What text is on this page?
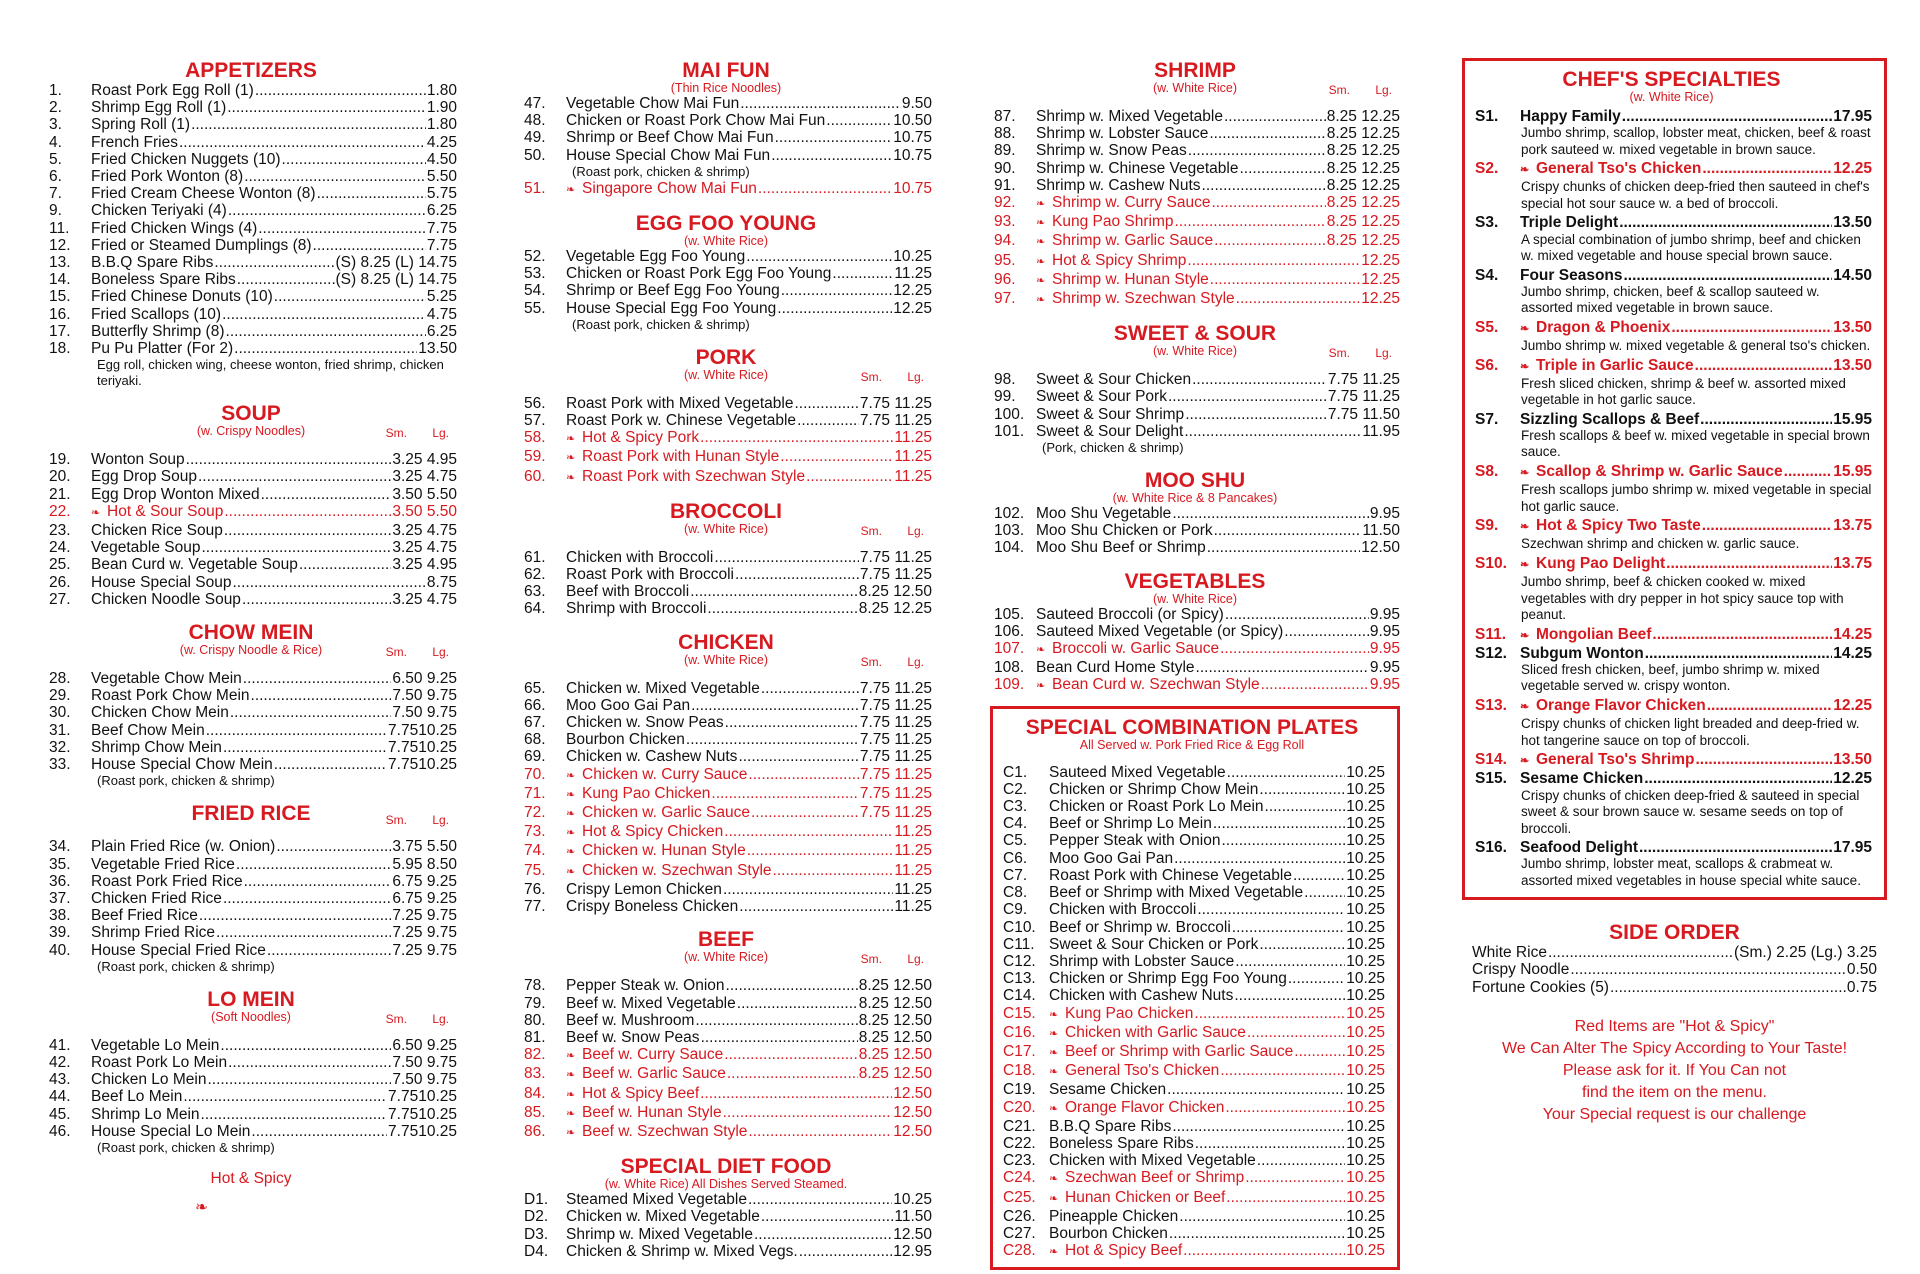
APPETIZERS
1.	Roast Pork Egg Roll (1) .....	1.80
2.	Shrimp Egg Roll (1) .....	1.90
3.	Spring Roll (1) .....	1.80
4.	French Fries .....	4.25
5.	Fried Chicken Nuggets (10) .....	4.50
6.	Fried Pork Wonton (8) .....	5.50
7.	Fried Cream Cheese Wonton (8) .....	5.75
9.	Chicken Teriyaki (4) .....	6.25
11.	Fried Chicken Wings (4) .....	7.75
12.	Fried or Steamed Dumplings (8) .....	7.75
13.	B.B.Q Spare Ribs .....	(S) 8.25 (L) 14.75
14.	Boneless Spare Ribs .....	(S) 8.25 (L) 14.75
15.	Fried Chinese Donuts (10) .....	5.25
16.	Fried Scallops (10) .....	4.75
17.	Butterfly Shrimp (8) .....	6.25
18.	Pu Pu Platter (For 2) .....	13.50
Egg roll, chicken wing, cheese wonton, fried shrimp, chicken teriyaki.
SOUP
(w. Crispy Noodles)	Sm. Lg.
19.	Wonton Soup .....	3.25 4.95
20.	Egg Drop Soup .....	3.25 4.75
21.	Egg Drop Wonton Mixed .....	3.50 5.50
22.	❧ Hot & Sour Soup .....	3.50 5.50
23.	Chicken Rice Soup .....	3.25 4.75
24.	Vegetable Soup .....	3.25 4.75
25.	Bean Curd w. Vegetable Soup .....	3.25 4.95
26.	House Special Soup .....	8.75
27.	Chicken Noodle Soup .....	3.25 4.75
CHOW MEIN
(w. Crispy Noodle & Rice)	Sm. Lg.
28.	Vegetable Chow Mein .....	6.50 9.25
29.	Roast Pork Chow Mein .....	7.50 9.75
30.	Chicken Chow Mein .....	7.50 9.75
31.	Beef Chow Mein .....	7.7510.25
32.	Shrimp Chow Mein .....	7.7510.25
33.	House Special Chow Mein .....	7.7510.25
(Roast pork, chicken & shrimp)
FRIED RICE	Sm. Lg.
34.	Plain Fried Rice (w. Onion) .....	3.75 5.50
35.	Vegetable Fried Rice .....	5.95 8.50
36.	Roast Pork Fried Rice .....	6.75 9.25
37.	Chicken Fried Rice .....	6.75 9.25
38.	Beef Fried Rice .....	7.25 9.75
39.	Shrimp Fried Rice .....	7.25 9.75
40.	House Special Fried Rice .....	7.25 9.75
(Roast pork, chicken & shrimp)
LO MEIN
(Soft Noodles)	Sm. Lg.
41.	Vegetable Lo Mein .....	6.50 9.25
42.	Roast Pork Lo Mein .....	7.50 9.75
43.	Chicken Lo Mein .....	7.50 9.75
44.	Beef Lo Mein .....	7.7510.25
45.	Shrimp Lo Mein .....	7.7510.25
46.	House Special Lo Mein .....	7.7510.25
(Roast pork, chicken & shrimp)
Hot & Spicy
❧
MAI FUN
(Thin Rice Noodles)
47.	Vegetable Chow Mai Fun .....	9.50
48.	Chicken or Roast Pork Chow Mai Fun .....	10.50
49.	Shrimp or Beef Chow Mai Fun .....	10.75
50.	House Special Chow Mai Fun .....	10.75
(Roast pork, chicken & shrimp)
51.	❧ Singapore Chow Mai Fun .....	10.75
EGG FOO YOUNG
(w. White Rice)
52.	Vegetable Egg Foo Young .....	10.25
53.	Chicken or Roast Pork Egg Foo Young .....	11.25
54.	Shrimp or Beef Egg Foo Young .....	12.25
55.	House Special Egg Foo Young .....	12.25
(Roast pork, chicken & shrimp)
PORK
(w. White Rice)	Sm. Lg.
56.	Roast Pork with Mixed Vegetable .....	7.75 11.25
57.	Roast Pork w. Chinese Vegetable .....	7.75 11.25
58.	❧ Hot & Spicy Pork .....	11.25
59.	❧ Roast Pork with Hunan Style .....	11.25
60.	❧ Roast Pork with Szechwan Style .....	11.25
BROCCOLI
(w. White Rice)	Sm. Lg.
61.	Chicken with Broccoli .....	7.75 11.25
62.	Roast Pork with Broccoli .....	7.75 11.25
63.	Beef with Broccoli .....	8.25 12.50
64.	Shrimp with Broccoli .....	8.25 12.25
CHICKEN
(w. White Rice)	Sm. Lg.
65.	Chicken w. Mixed Vegetable .....	7.75 11.25
66.	Moo Goo Gai Pan .....	7.75 11.25
67.	Chicken w. Snow Peas .....	7.75 11.25
68.	Bourbon Chicken .....	7.75 11.25
69.	Chicken w. Cashew Nuts .....	7.75 11.25
70.	❧ Chicken w. Curry Sauce .....	7.75 11.25
71.	❧ Kung Pao Chicken .....	7.75 11.25
72.	❧ Chicken w. Garlic Sauce .....	7.75 11.25
73.	❧ Hot & Spicy Chicken .....	11.25
74.	❧ Chicken w. Hunan Style .....	11.25
75.	❧ Chicken w. Szechwan Style .....	11.25
76.	Crispy Lemon Chicken .....	11.25
77.	Crispy Boneless Chicken .....	11.25
BEEF
(w. White Rice)	Sm. Lg.
78.	Pepper Steak w. Onion .....	8.25 12.50
79.	Beef w. Mixed Vegetable .....	8.25 12.50
80.	Beef w. Mushroom .....	8.25 12.50
81.	Beef w. Snow Peas .....	8.25 12.50
82.	❧ Beef w. Curry Sauce .....	8.25 12.50
83.	❧ Beef w. Garlic Sauce .....	8.25 12.50
84.	❧ Hot & Spicy Beef .....	12.50
85.	❧ Beef w. Hunan Style .....	12.50
86.	❧ Beef w. Szechwan Style .....	12.50
SPECIAL DIET FOOD
(w. White Rice) All Dishes Served Steamed.
D1.	Steamed Mixed Vegetable .....	10.25
D2.	Chicken w. Mixed Vegetable .....	11.50
D3.	Shrimp w. Mixed Vegetable .....	12.50
D4.	Chicken & Shrimp w. Mixed Vegs. .....	12.95
SHRIMP
(w. White Rice)	Sm. Lg.
87.	Shrimp w. Mixed Vegetable .....	8.25 12.25
88.	Shrimp w. Lobster Sauce .....	8.25 12.25
89.	Shrimp w. Snow Peas .....	8.25 12.25
90.	Shrimp w. Chinese Vegetable .....	8.25 12.25
91.	Shrimp w. Cashew Nuts .....	8.25 12.25
92.	❧ Shrimp w. Curry Sauce .....	8.25 12.25
93.	❧ Kung Pao Shrimp .....	8.25 12.25
94.	❧ Shrimp w. Garlic Sauce .....	8.25 12.25
95.	❧ Hot & Spicy Shrimp .....	12.25
96.	❧ Shrimp w. Hunan Style .....	12.25
97.	❧ Shrimp w. Szechwan Style .....	12.25
SWEET & SOUR
(w. White Rice)	Sm. Lg.
98.	Sweet & Sour Chicken .....	7.75 11.25
99.	Sweet & Sour Pork .....	7.75 11.25
100. Sweet & Sour Shrimp .....	7.75 11.50
101. Sweet & Sour Delight .....	11.95
(Pork, chicken & shrimp)
MOO SHU
(w. White Rice & 8 Pancakes)
102. Moo Shu Vegetable .....	9.95
103. Moo Shu Chicken or Pork .....	11.50
104. Moo Shu Beef or Shrimp .....	12.50
VEGETABLES
(w. White Rice)
105. Sauteed Broccoli (or Spicy) .....	9.95
106. Sauteed Mixed Vegetable (or Spicy) .....	9.95
107.	❧ Broccoli w. Garlic Sauce .....	9.95
108. Bean Curd Home Style .....	9.95
109.	❧ Bean Curd w. Szechwan Style .....	9.95
SPECIAL COMBINATION PLATES
All Served w. Pork Fried Rice & Egg Roll
C1.	Sauteed Mixed Vegetable .....	10.25
C2.	Chicken or Shrimp Chow Mein .....	10.25
C3.	Chicken or Roast Pork Lo Mein .....	10.25
C4.	Beef or Shrimp Lo Mein .....	10.25
C5.	Pepper Steak with Onion .....	10.25
C6.	Moo Goo Gai Pan .....	10.25
C7.	Roast Pork with Chinese Vegetable .....	10.25
C8.	Beef or Shrimp with Mixed Vegetable .....	10.25
C9.	Chicken with Broccoli .....	10.25
C10. Beef or Shrimp w. Broccoli .....	10.25
C11. Sweet & Sour Chicken or Pork .....	10.25
C12. Shrimp with Lobster Sauce .....	10.25
C13. Chicken or Shrimp Egg Foo Young .....	10.25
C14. Chicken with Cashew Nuts .....	10.25
C15.	❧ Kung Pao Chicken .....	10.25
C16.	❧ Chicken with Garlic Sauce .....	10.25
C17.	❧ Beef or Shrimp with Garlic Sauce .....	10.25
C18.	❧ General Tso's Chicken .....	10.25
C19. Sesame Chicken .....	10.25
C20.	❧ Orange Flavor Chicken .....	10.25
C21. B.B.Q Spare Ribs .....	10.25
C22. Boneless Spare Ribs .....	10.25
C23. Chicken with Mixed Vegetable .....	10.25
C24.	❧ Szechwan Beef or Shrimp .....	10.25
C25.	❧ Hunan Chicken or Beef .....	10.25
C26. Pineapple Chicken .....	10.25
C27. Bourbon Chicken .....	10.25
C28.	❧ Hot & Spicy Beef .....	10.25
CHEF'S SPECIALTIES
(w. White Rice)
S1.	Happy Family .....	17.95
Jumbo shrimp, scallop, lobster meat, chicken, beef & roast pork sauteed w. mixed vegetable in brown sauce.
S2.	❧ General Tso's Chicken .....	12.25
Crispy chunks of chicken deep-fried then sauteed in chef's special hot sour sauce w. a bed of broccoli.
S3.	Triple Delight .....	13.50
A special combination of jumbo shrimp, beef and chicken w. mixed vegetable and house special brown sauce.
S4.	Four Seasons .....	14.50
Jumbo shrimp, chicken, beef & scallop sauteed w. assorted mixed vegetable in brown sauce.
S5.	❧ Dragon & Phoenix .....	13.50
Jumbo shrimp w. mixed vegetable & general tso's chicken.
S6.	❧ Triple in Garlic Sauce .....	13.50
Fresh sliced chicken, shrimp & beef w. assorted mixed vegetable in hot garlic sauce.
S7.	Sizzling Scallops & Beef .....	15.95
Fresh scallops & beef w. mixed vegetable in special brown sauce.
S8.	❧ Scallop & Shrimp w. Garlic Sauce .....	15.95
Fresh scallops jumbo shrimp w. mixed vegetable in special hot garlic sauce.
S9.	❧ Hot & Spicy Two Taste .....	13.75
Szechwan shrimp and chicken w. garlic sauce.
S10.	❧ Kung Pao Delight .....	13.75
Jumbo shrimp, beef & chicken cooked w. mixed vegetables with dry pepper in hot spicy sauce top with peanut.
S11.	❧ Mongolian Beef .....	14.25
S12. Subgum Wonton .....	14.25
Sliced fresh chicken, beef, jumbo shrimp w. mixed vegetable served w. crispy wonton.
S13.	❧ Orange Flavor Chicken .....	12.25
Crispy chunks of chicken light breaded and deep-fried w. hot tangerine sauce on top of broccoli.
S14.	❧ General Tso's Shrimp .....	13.50
S15. Sesame Chicken .....	12.25
Crispy chunks of chicken deep-fried & sauteed in special sweet & sour brown sauce w. sesame seeds on top of broccoli.
S16. Seafood Delight .....	17.95
Jumbo shrimp, lobster meat, scallops & crabmeat w. assorted mixed vegetables in house special white sauce.
SIDE ORDER
White Rice .....	(Sm.) 2.25 (Lg.) 3.25
Crispy Noodle .....	0.50
Fortune Cookies (5) .....	0.75
Red Items are "Hot & Spicy"
We Can Alter The Spicy According to Your Taste!
Please ask for it. If You Can not
find the item on the menu.
Your Special request is our challenge
